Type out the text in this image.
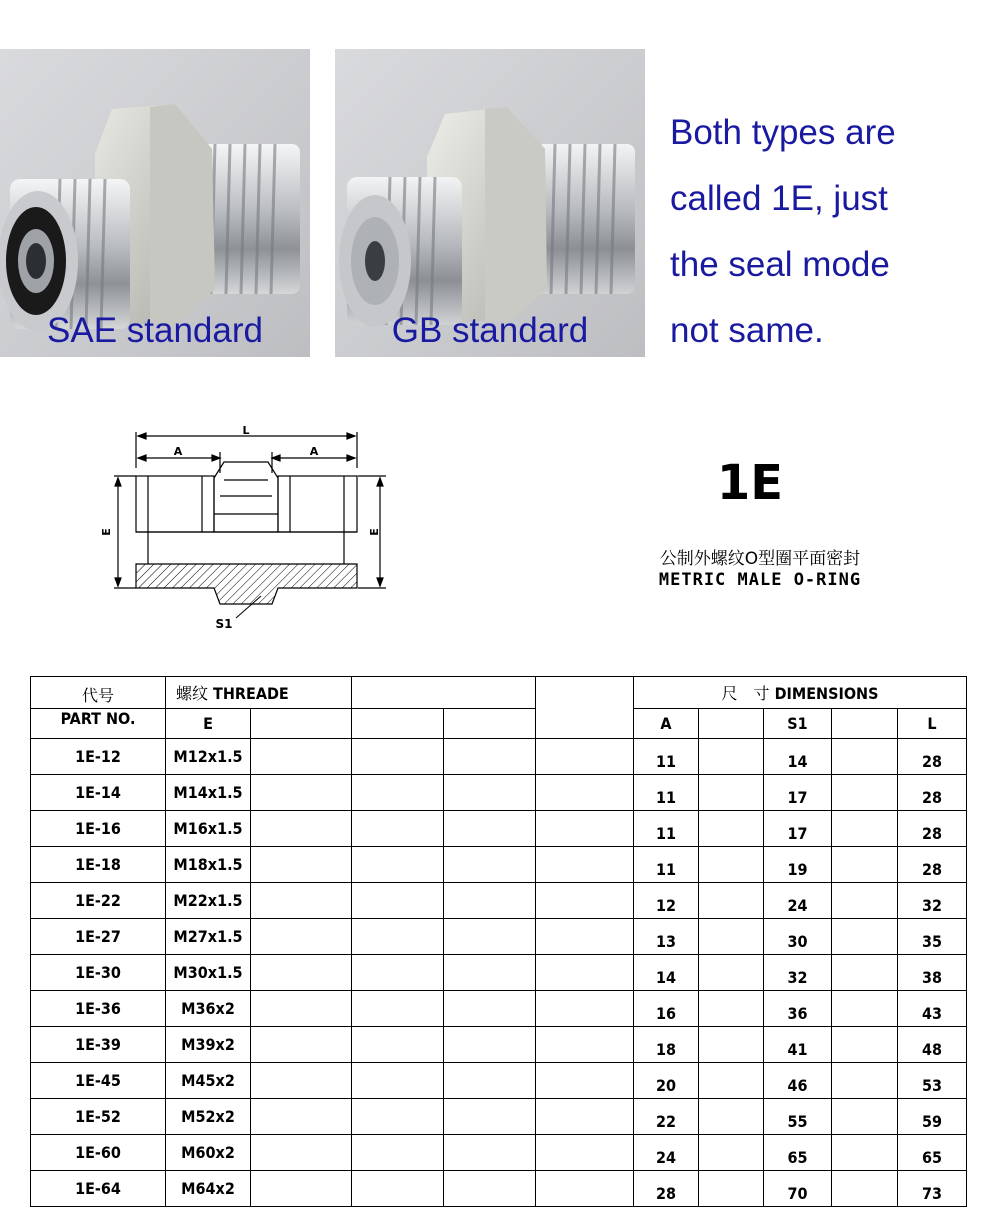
SAE standard	GB standard
Both types are
called 1E, just
the seal mode
not same.
L
A	A
E	E
S1
1E
公制外螺纹O型圈平面密封
METRIC MALE O-RING
代号	螺纹 THREADE					尺　寸 DIMENSIONS				
PART NO.	E					A		S1		L
1E-12	M12x1.5					11		14		28
1E-14	M14x1.5					11		17		28
1E-16	M16x1.5					11		17		28
1E-18	M18x1.5					11		19		28
1E-22	M22x1.5					12		24		32
1E-27	M27x1.5					13		30		35
1E-30	M30x1.5					14		32		38
1E-36	M36x2					16		36		43
1E-39	M39x2					18		41		48
1E-45	M45x2					20		46		53
1E-52	M52x2					22		55		59
1E-60	M60x2					24		65		65
1E-64	M64x2					28		70		73
